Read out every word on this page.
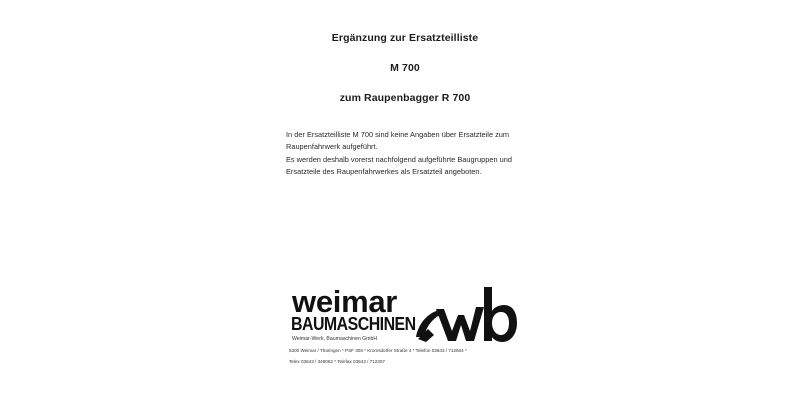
Ergänzung zur Ersatzteilliste
M 700
zum Raupenbagger R 700
In der Ersatzteilliste M 700 sind keine Angaben über Ersatzteile zum
Raupenfahrwerk aufgeführt.
Es werden deshalb vorerst nachfolgend aufgeführte Baugruppen und
Ersatzteile des Raupenfahrwerkes als Ersatzteil angeboten.
weimar
BAUMASCHINEN
Weimar-Werk, Baumaschinen GmbH
5300 Weimar / Thüringen * PSF 308 * Kromsdorfer Straße 4 * Telefon 03643 / 712664 *
Telex 03643 / 348062 * Telefax 03643 / 712307
